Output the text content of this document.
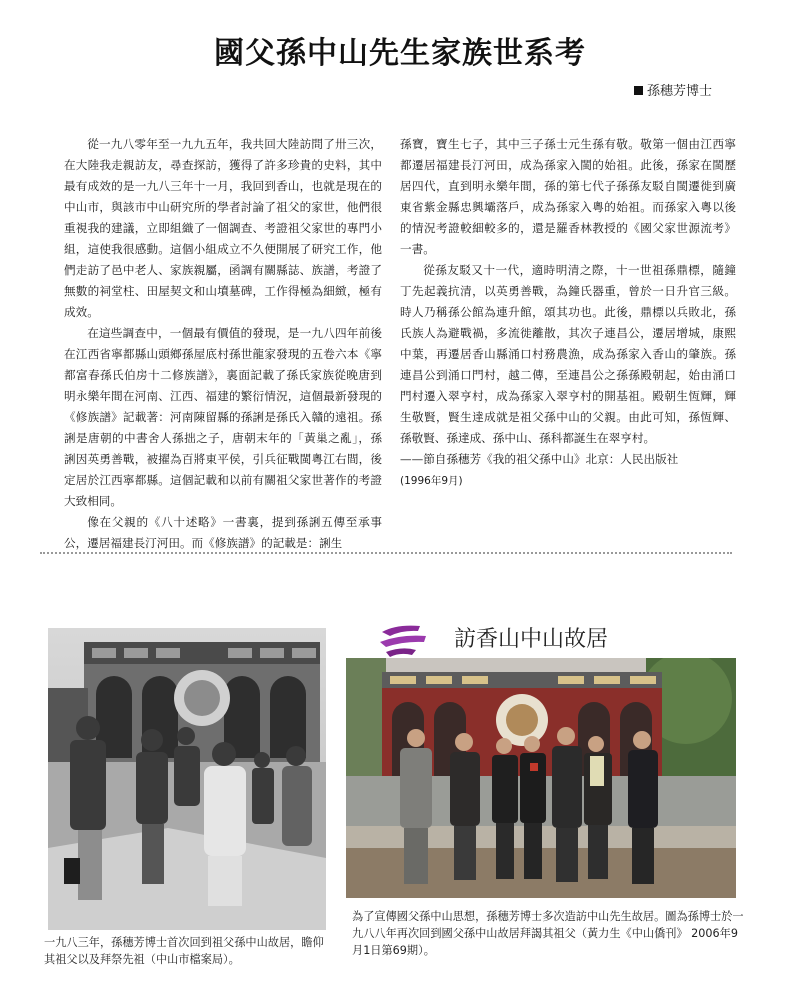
國父孫中山先生家族世系考
孫穗芳博士

從一九八零年至一九九五年，我共回大陸訪問了卅三次，在大陸我走親訪友，尋查探訪，獲得了許多珍貴的史料，其中最有成效的是一九八三年十一月，我回到香山，也就是現在的中山市，與該市中山研究所的學者討論了祖父的家世，他們很重視我的建議，立即組織了一個調查、考證祖父家世的專門小組，這使我很感動。這個小組成立不久便開展了研究工作，他們走訪了邑中老人、家族親屬，函調有關縣誌、族譜，考證了無數的祠堂柱、田屋契文和山墳墓碑，工作得極為細緻，極有成效。

在這些調查中，一個最有價值的發現，是一九八四年前後在江西省寧都縣山頭鄉孫屋底村孫世龍家發現的五卷六本《寧都富春孫氏伯房十二修族譜》，裏面記載了孫氏家族從晚唐到明永樂年間在河南、江西、福建的繁衍情況，這個最新發現的《修族譜》記載著：河南陳留縣的孫誗是孫氏入贛的遠祖。孫誗是唐朝的中書舍人孫拙之子，唐朝末年的「黃巢之亂」，孫誗因英勇善戰，被擢為百將東平侯，引兵征戰閩粵江右間，後定居於江西寧都縣。這個記載和以前有關祖父家世著作的考證大致相同。

像在父親的《八十述略》一書裏，提到孫誗五傳至承事公，遷居福建長汀河田。而《修族譜》的記載是：誗生

孫寶，寶生七子，其中三子孫士元生孫有敬。敬第一個由江西寧都遷居福建長汀河田，成為孫家入閩的始祖。此後，孫家在閩歷居四代，直到明永樂年間，孫的第七代子孫孫友駁自閩遷徙到廣東省紫金縣忠興壩落戶，成為孫家入粵的始祖。而孫家入粵以後的情況考證較細較多的，還是羅香林教授的《國父家世源流考》一書。

從孫友駁又十一代，適時明清之際，十一世祖孫鼎標，隨鐘丁先起義抗清，以英勇善戰，為鐘氏器重，曾於一日升官三級。時人乃稱孫公館為連升館，頌其功也。此後，鼎標以兵敗北，孫氏族人為避戰禍，多流徙離散，其次子連昌公，遷居增城，康熙中葉，再遷居香山縣涌口村務農漁，成為孫家入香山的肇族。孫連昌公到涌口門村，越二傳，至連昌公之孫孫殿朝起，始由涌口門村遷入翠亨村，成為孫家入翠亨村的開基祖。殿朝生恆輝，輝生敬賢，賢生達成就是祖父孫中山的父親。由此可知，孫恆輝、孫敬賢、孫達成、孫中山、孫科都誕生在翠亨村。

——節自孫穗芳《我的祖父孫中山》北京：人民出版社
(1996年9月)

訪香山中山故居
為了宣傳國父孫中山思想，孫穗芳博士多次造訪中山先生故居。圖為孫博士於一九八八年再次回到國父孫中山故居拜謁其祖父（黃力生《中山僑刊》 2006年9月1日第69期）。
一九八三年，孫穗芳博士首次回到祖父孫中山故居，瞻仰其祖父以及拜祭先祖（中山市檔案局）。
